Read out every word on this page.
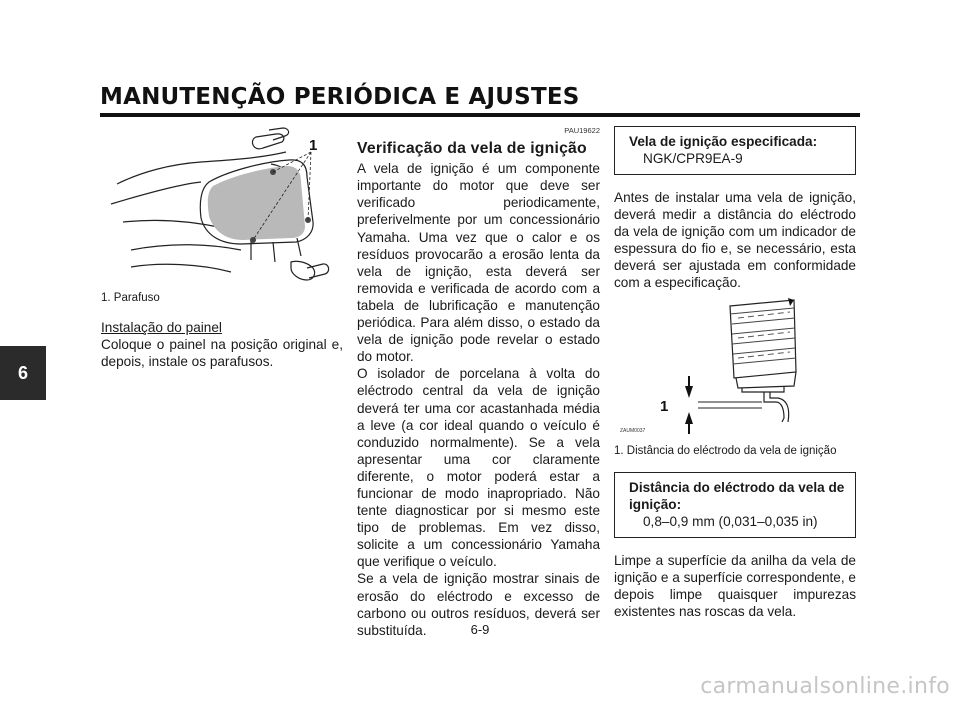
MANUTENÇÃO PERIÓDICA E AJUSTES
6
1

1. Parafuso

Instalação do painel

Coloque o painel na posição original e, depois, instale os parafusos.

PAU19622

Verificação da vela de ignição

A vela de ignição é um componente importante do motor que deve ser verificado periodicamente, preferivelmente por um concessionário Yamaha. Uma vez que o calor e os resíduos provocarão a erosão lenta da vela de ignição, esta deverá ser removida e verificada de acordo com a tabela de lubrificação e manutenção periódica. Para além disso, o estado da vela de ignição pode revelar o estado do motor.

O isolador de porcelana à volta do eléctrodo central da vela de ignição deverá ter uma cor acastanhada média a leve (a cor ideal quando o veículo é conduzido normalmente). Se a vela apresentar uma cor claramente diferente, o motor poderá estar a funcionar de modo inapropriado. Não tente diagnosticar por si mesmo este tipo de problemas. Em vez disso, solicite a um concessionário Yamaha que verifique o veículo.

Se a vela de ignição mostrar sinais de erosão do eléctrodo e excesso de carbono ou outros resíduos, deverá ser substituída.

Vela de ignição especificada:
NGK/CPR9EA-9

Antes de instalar uma vela de ignição, deverá medir a distância do eléctrodo da vela de ignição com um indicador de espessura do fio e, se necessário, esta deverá ser ajustada em conformidade com a especificação.

1
ZAUM0037

1. Distância do eléctrodo da vela de ignição

Distância do eléctrodo da vela de ignição:
0,8–0,9 mm (0,031–0,035 in)

Limpe a superfície da anilha da vela de ignição e a superfície correspondente, e depois limpe quaisquer impurezas existentes nas roscas da vela.

6-9
carmanualsonline.info
